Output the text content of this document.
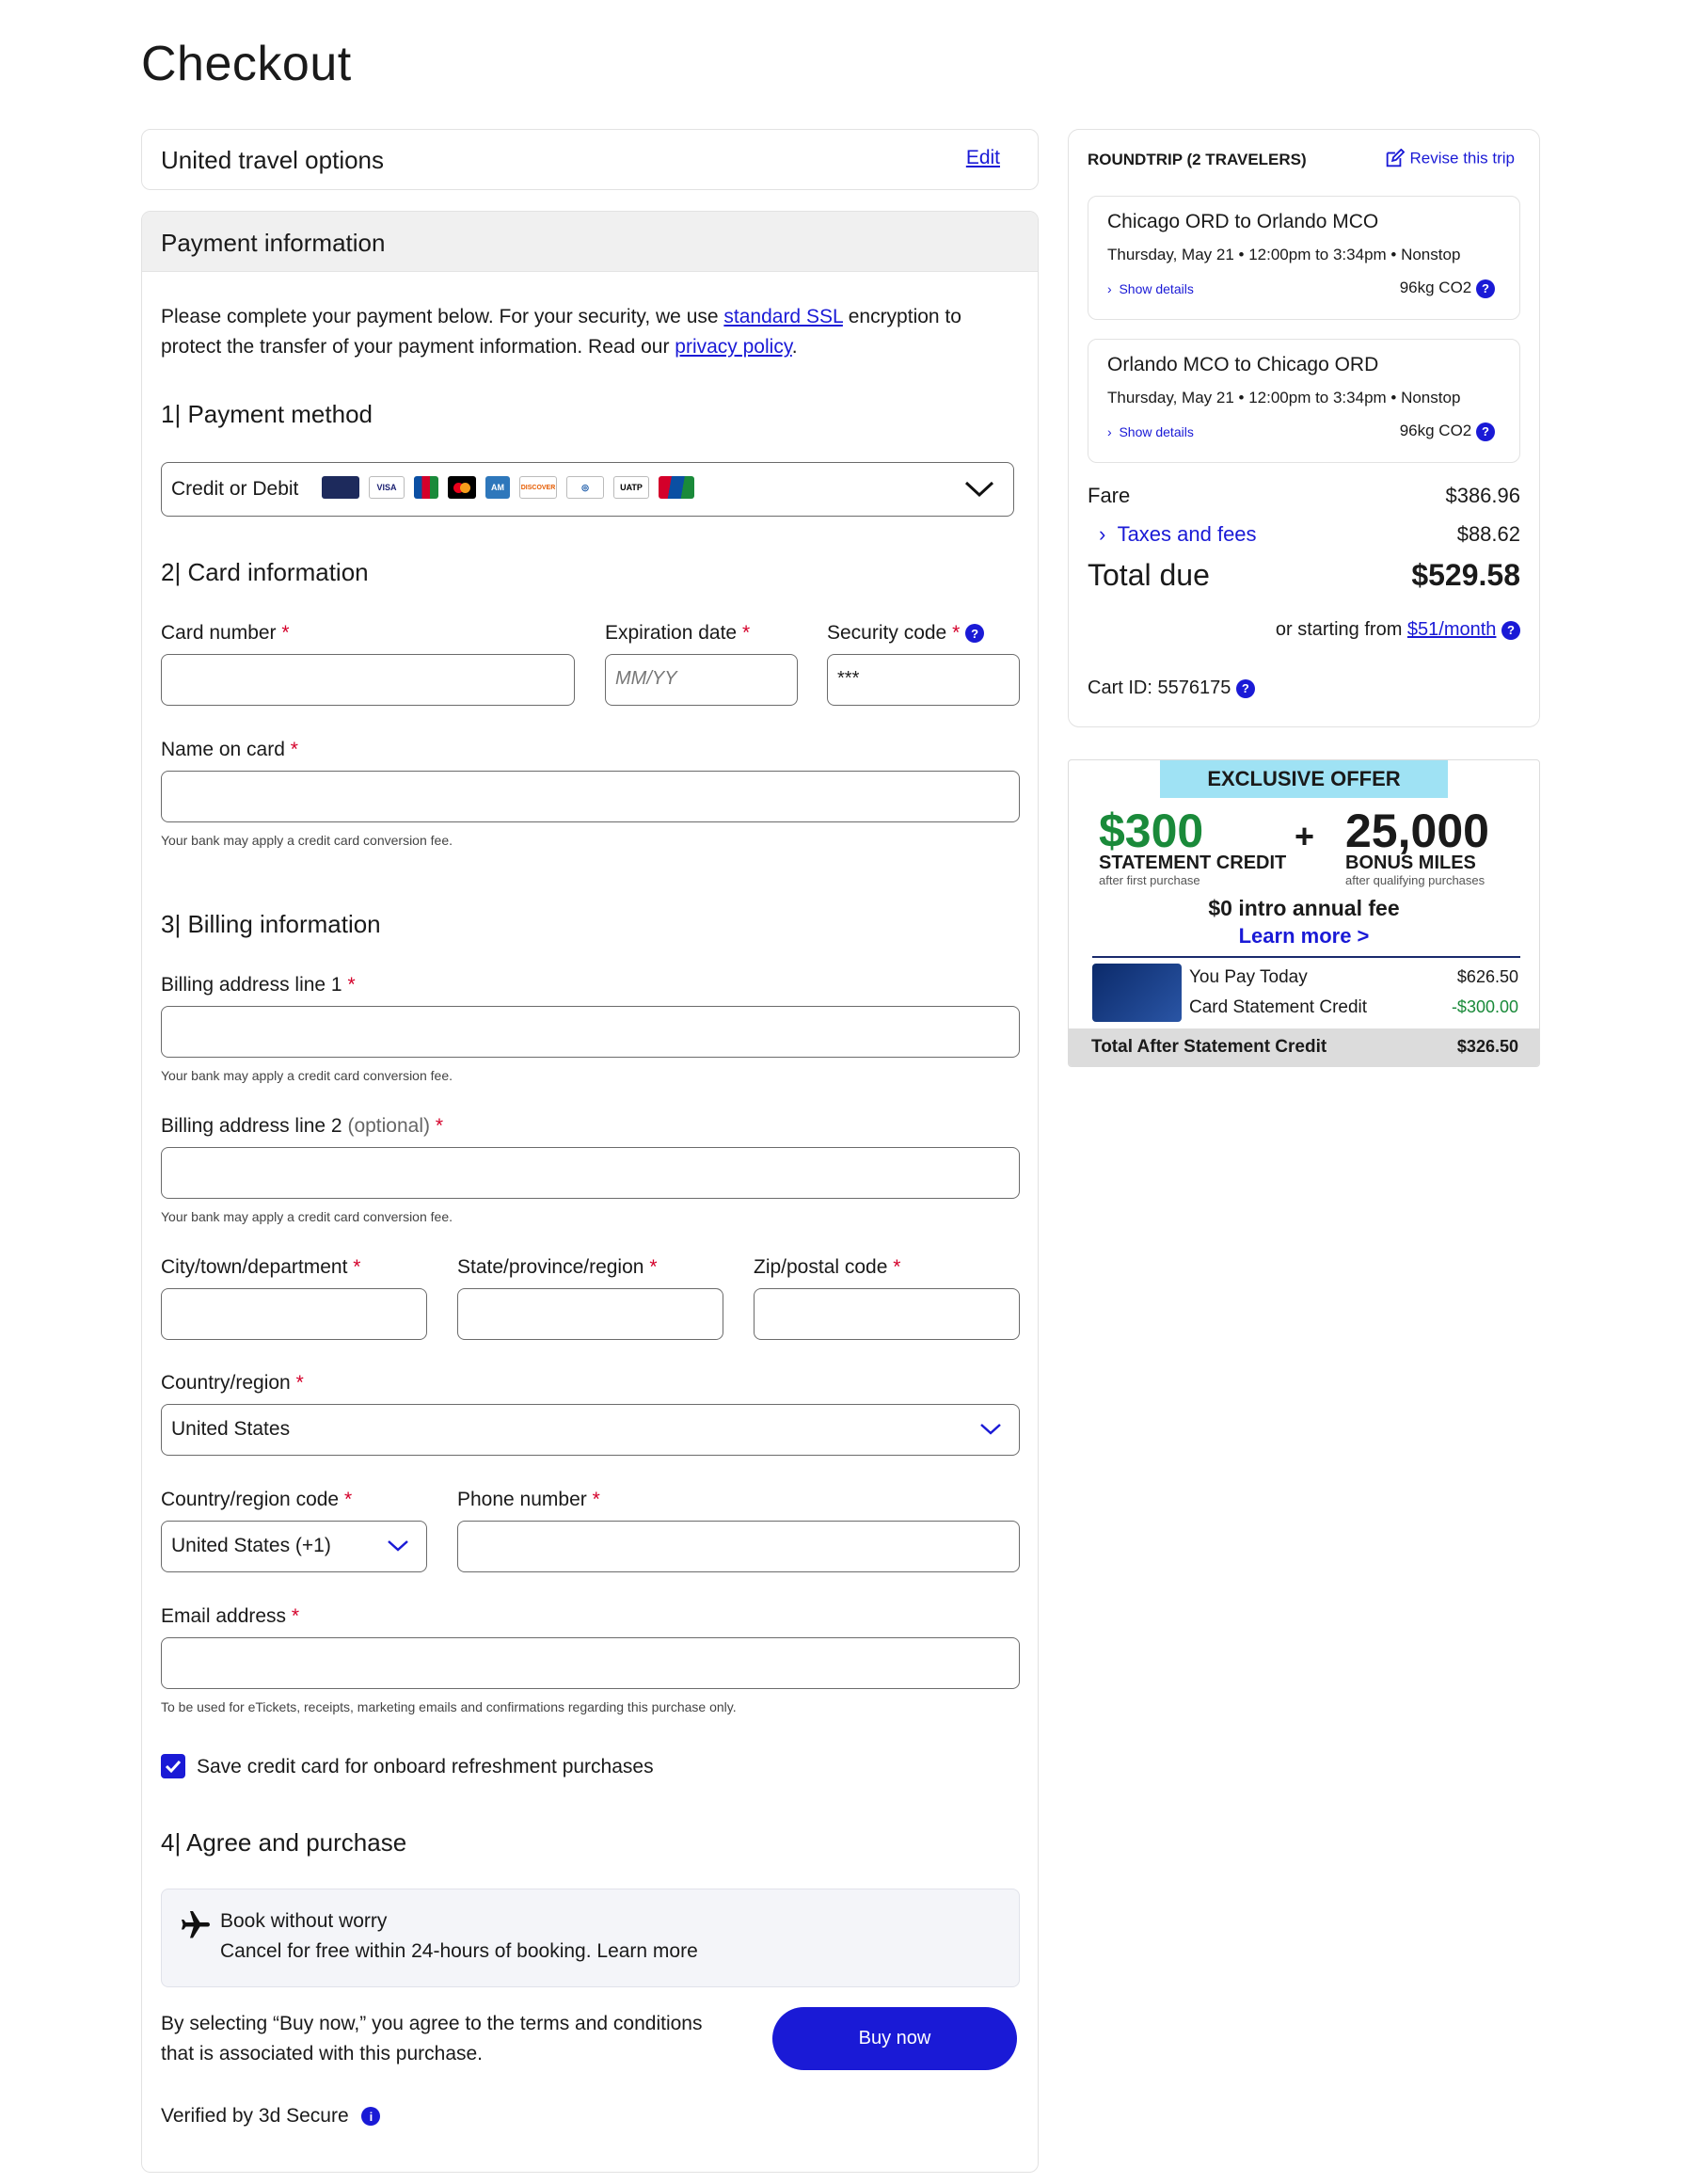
Checkout
United travel options	Edit
Payment information
Please complete your payment below. For your security, we use standard SSL encryption to
protect the transfer of your payment information. Read our privacy policy.
1| Payment method
Credit or Debit	VISA	AM	DISCOVER	◎	UATP
2| Card information
Card number *	Expiration date *
MM/YY
Security code * ?
***
Name on card *
Your bank may apply a credit card conversion fee.
3| Billing information
Billing address line 1 *
Your bank may apply a credit card conversion fee.
Billing address line 2 (optional) *
Your bank may apply a credit card conversion fee.
City/town/department *	State/province/region *	Zip/postal code *
Country/region *
United States
Country/region code *
United States (+1)
Phone number *
Email address *
To be used for eTickets, receipts, marketing emails and confirmations regarding this purchase only.
Save credit card for onboard refreshment purchases
4| Agree and purchase
Book without worry
Cancel for free within 24-hours of booking. Learn more
By selecting “Buy now,” you agree to the terms and conditions
that is associated with this purchase.
Verified by 3d Secure i
Buy now
ROUNDTRIP (2 TRAVELERS)	Revise this trip
Chicago ORD to Orlando MCO
Thursday, May 21 • 12:00pm to 3:34pm • Nonstop
›  Show details	96kg CO2 ?
Orlando MCO to Chicago ORD
Thursday, May 21 • 12:00pm to 3:34pm • Nonstop
›  Show details	96kg CO2 ?
Fare	$386.96
›  Taxes and fees	$88.62
Total due	$529.58
or starting from $51/month ?
Cart ID: 5576175 ?
EXCLUSIVE OFFER
$300
STATEMENT CREDIT
after first purchase
+ 25,000
BONUS MILES
after qualifying purchases
$0 intro annual fee
Learn more >
You Pay Today	$626.50
Card Statement Credit	-$300.00
Total After Statement Credit	$326.50
